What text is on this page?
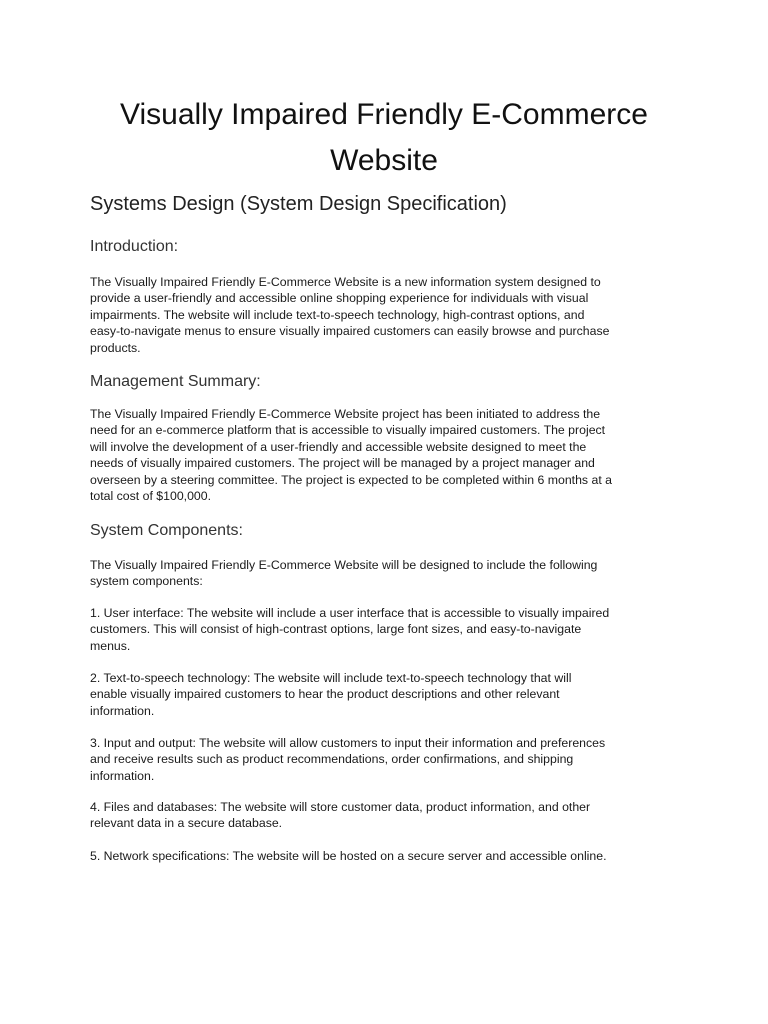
Visually Impaired Friendly E-Commerce
Website
Systems Design (System Design Specification)
Introduction:

The Visually Impaired Friendly E-Commerce Website is a new information system designed to
provide a user-friendly and accessible online shopping experience for individuals with visual
impairments. The website will include text-to-speech technology, high-contrast options, and
easy-to-navigate menus to ensure visually impaired customers can easily browse and purchase
products.

Management Summary:

The Visually Impaired Friendly E-Commerce Website project has been initiated to address the
need for an e-commerce platform that is accessible to visually impaired customers. The project
will involve the development of a user-friendly and accessible website designed to meet the
needs of visually impaired customers. The project will be managed by a project manager and
overseen by a steering committee. The project is expected to be completed within 6 months at a
total cost of $100,000.

System Components:

The Visually Impaired Friendly E-Commerce Website will be designed to include the following
system components:

1. User interface: The website will include a user interface that is accessible to visually impaired
customers. This will consist of high-contrast options, large font sizes, and easy-to-navigate
menus.

2. Text-to-speech technology: The website will include text-to-speech technology that will
enable visually impaired customers to hear the product descriptions and other relevant
information.

3. Input and output: The website will allow customers to input their information and preferences
and receive results such as product recommendations, order confirmations, and shipping
information.

4. Files and databases: The website will store customer data, product information, and other
relevant data in a secure database.

5. Network specifications: The website will be hosted on a secure server and accessible online.
